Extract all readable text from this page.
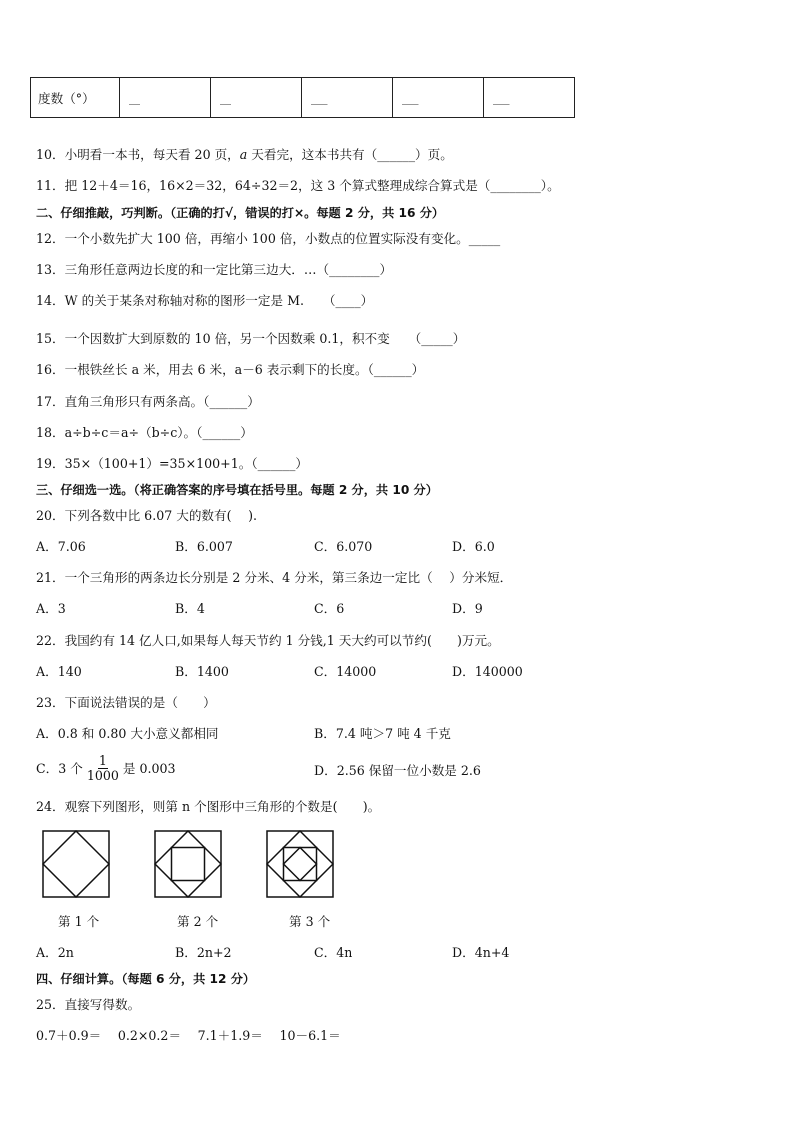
度数（°）	__	__	___	___	___
10．小明看一本书，每天看 20 页，𝑎 天看完，这本书共有（______）页。
11．把 12＋4＝16，16×2＝32，64÷32＝2，这 3 个算式整理成综合算式是（________）。
二、仔细推敲，巧判断。（正确的打√，错误的打×。每题 2 分，共 16 分）
12．一个小数先扩大 100 倍，再缩小 100 倍，小数点的位置实际没有变化。_____
13．三角形任意两边长度的和一定比第三边大．…（________）
14．W 的关于某条对称轴对称的图形一定是 M.　　（____）
15．一个因数扩大到原数的 10 倍，另一个因数乘 0.1，积不变　　（_____）
16．一根铁丝长 a 米，用去 6 米，a－6 表示剩下的长度。（______）
17．直角三角形只有两条高。（______）
18．a÷b÷c＝a÷（b÷c）。（______）
19．35×（100+1）=35×100+1。（______）
三、仔细选一选。（将正确答案的序号填在括号里。每题 2 分，共 10 分）
20．下列各数中比 6.07 大的数有(　 ).
A．7.06	B．6.007	C．6.070	D．6.0
21．一个三角形的两条边长分别是 2 分米、4 分米，第三条边一定比（　 ）分米短．
A．3	B．4	C．6	D．9
22．我国约有 14 亿人口,如果每人每天节约 1 分钱,1 天大约可以节约(　　)万元。
A．140	B．1400	C．14000	D．140000
23．下面说法错误的是（　　）
A．0.8 和 0.80 大小意义都相同	B．7.4 吨＞7 吨 4 千克
C．3 个 $\frac{1}{1000}$ 是 0.003	D．2.56 保留一位小数是 2.6
24．观察下列图形，则第 n 个图形中三角形的个数是(　　)。
第 1 个	第 2 个	第 3 个
A．2n	B．2n+2	C．4n	D．4n+4
四、仔细计算。（每题 6 分，共 12 分）
25．直接写得数。
0.7＋0.9＝　 0.2×0.2＝　 7.1＋1.9＝　 10－6.1＝
